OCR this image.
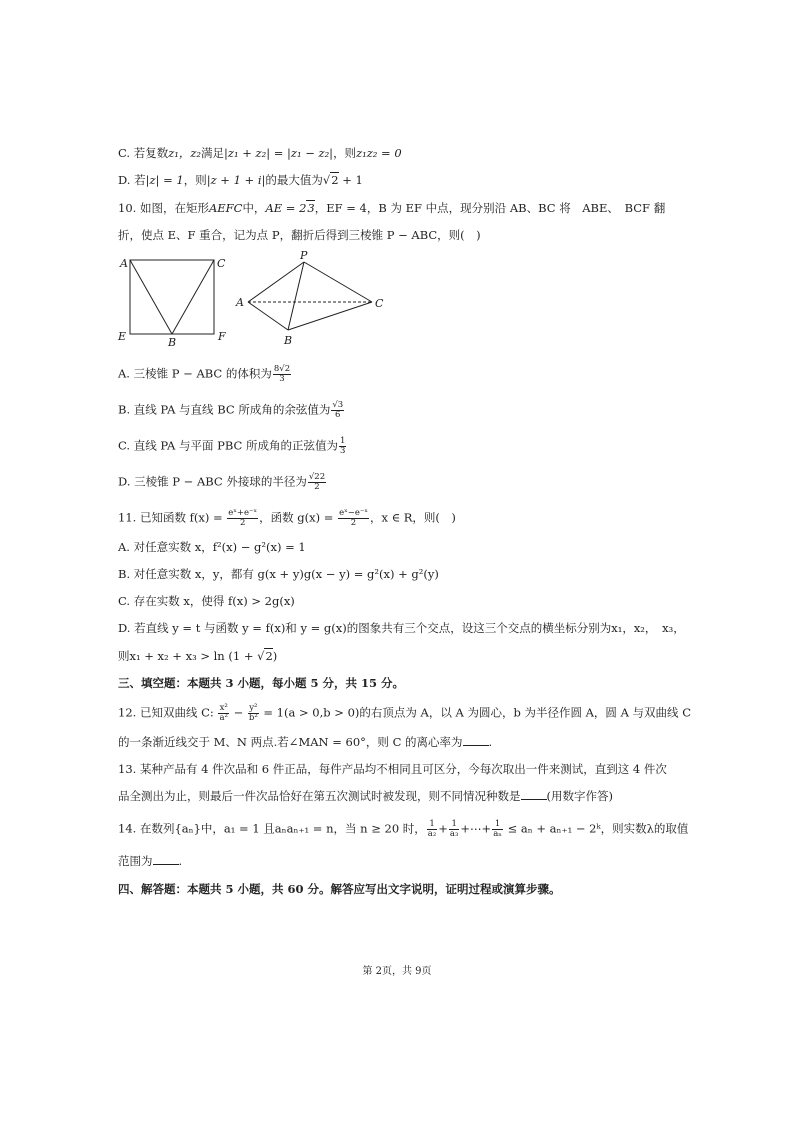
C. 若复数z₁，z₂满足|z₁ + z₂| = |z₁ − z₂|，则z₁z₂ = 0
D. 若|z| = 1，则|z + 1 + i|的最大值为√2 + 1
10. 如图，在矩形AEFC中，AE = 23，EF = 4，B 为 EF 中点，现分别沿 AB、BC 将　ABE、　BCF 翻
折，使点 E、F 重合，记为点 P，翻折后得到三棱锥 P − ABC，则(　)
A	C
E	F
B
P
A	C
B
A. 三棱锥 P − ABC 的体积为 $\frac{8√2}{3}$
B. 直线 PA 与直线 BC 所成角的余弦值为 $\frac{√3}{6}$
C. 直线 PA 与平面 PBC 所成角的正弦值为 $\frac{1}{3}$
D. 三棱锥 P − ABC 外接球的半径为 $\frac{√22}{2}$
11. 已知函数 $f(x) = \frac{\text{eˣ+e⁻ˣ}}{2}$ ，函数 $g(x) = \frac{\text{eˣ−e⁻ˣ}}{2}$ ，x ∈ R，则(　)
A. 对任意实数 x，f²(x) − g²(x) = 1
B. 对任意实数 x，y，都有 g(x + y)g(x − y) = g²(x) + g²(y)
C. 存在实数 x，使得 f(x) > 2g(x)
D. 若直线 y = t 与函数 y = f(x)和 y = g(x)的图象共有三个交点，设这三个交点的横坐标分别为x₁，x₂，　x₃，
则x₁ + x₂ + x₃ > ln (1 + √2)
三、填空题：本题共 3 小题，每小题 5 分，共 15 分。
12. 已知双曲线 C: $\frac{\text{x²}}{\text{a²}} - \frac{\text{y²}}{\text{b²}} = 1(a > 0,b > 0)$的右顶点为 A，以 A 为圆心，b 为半径作圆 A，圆 A 与双曲线 C
的一条渐近线交于 M、N 两点.若∠MAN = 60°，则 C 的离心率为 .
13. 某种产品有 4 件次品和 6 件正品，每件产品均不相同且可区分，今每次取出一件来测试，直到这 4 件次
品全测出为止，则最后一件次品恰好在第五次测试时被发现，则不同情况种数是 (用数字作答)
14. 在数列{aₙ}中，a₁ = 1 且aₙaₙ₊₁ = n，当 n ≥ 20 时， $\frac{1}{\text{a₂}} + \frac{1}{\text{a₃}}$ +⋯+ $\frac{1}{\text{aₙ}} \le a_n + a_{n+1}$ − 2ᵏ，则实数λ的取值
范围为 .
四、解答题：本题共 5 小题，共 60 分。解答应写出文字说明，证明过程或演算步骤。
第 2页，共 9页
